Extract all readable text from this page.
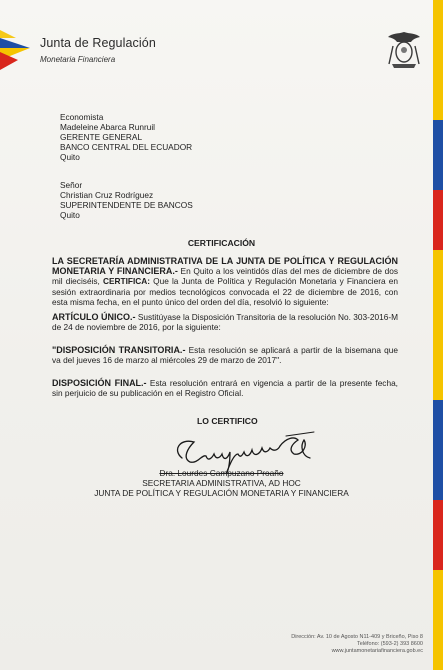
Junta de Regulación
Monetaria Financiera
Economista
Madeleine Abarca Runruil
GERENTE GENERAL
BANCO CENTRAL DEL ECUADOR
Quito
Señor
Christian Cruz Rodríguez
SUPERINTENDENTE DE BANCOS
Quito
CERTIFICACIÓN
LA SECRETARÍA ADMINISTRATIVA DE LA JUNTA DE POLÍTICA Y REGULACIÓN MONETARIA Y FINANCIERA.- En Quito a los veintidós días del mes de diciembre de dos mil dieciséis, CERTIFICA: Que la Junta de Política y Regulación Monetaria y Financiera en sesión extraordinaria por medios tecnológicos convocada el 22 de diciembre de 2016, con esta misma fecha, en el punto único del orden del día, resolvió lo siguiente:
ARTÍCULO ÚNICO.- Sustitúyase la Disposición Transitoria de la resolución No. 303-2016-M de 24 de noviembre de 2016, por la siguiente:
"DISPOSICIÓN TRANSITORIA.- Esta resolución se aplicará a partir de la bisemana que va del jueves 16 de marzo al miércoles 29 de marzo de 2017".
DISPOSICIÓN FINAL.- Esta resolución entrará en vigencia a partir de la presente fecha, sin perjuicio de su publicación en el Registro Oficial.
LO CERTIFICO
Dra. Lourdes Campuzano Proaño
SECRETARIA ADMINISTRATIVA, AD HOC
JUNTA DE POLÍTICA Y REGULACIÓN MONETARIA Y FINANCIERA
Dirección: Av. 10 de Agosto N11-409 y Briceño, Piso 8
Teléfono: (593-2) 393 8600
www.juntamonetariafinanciera.gob.ec
